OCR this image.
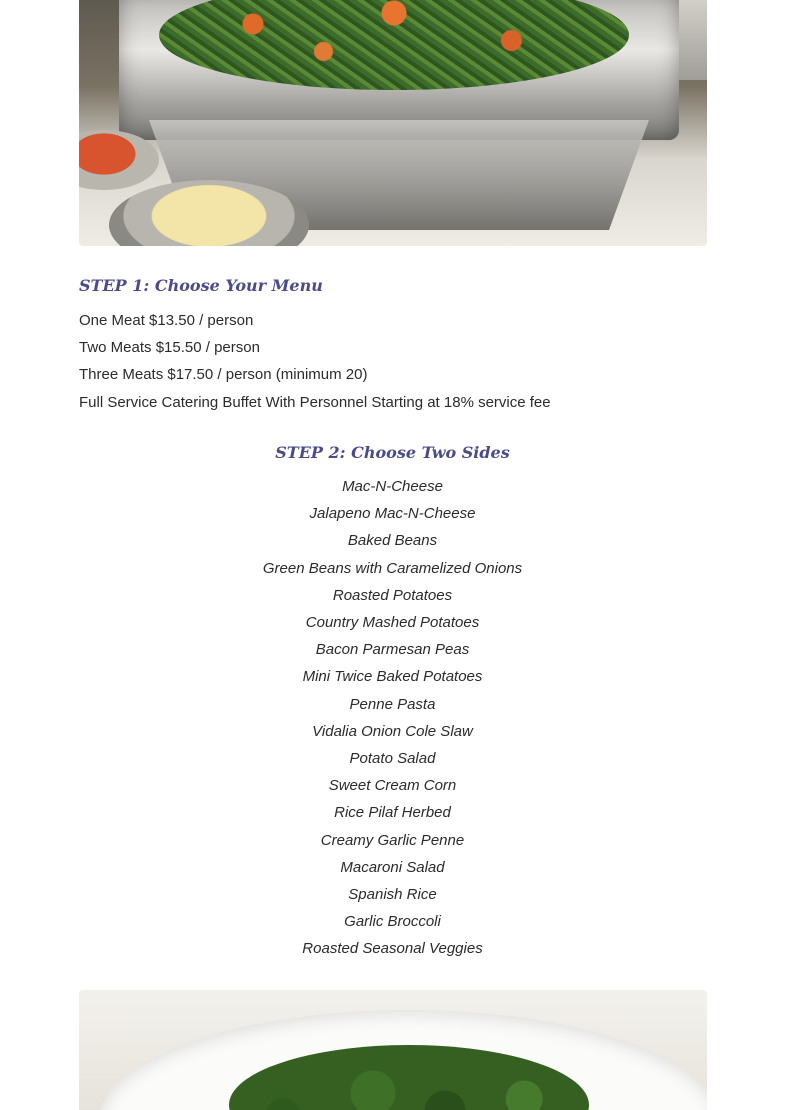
STEP 1: Choose Your Menu
One Meat $13.50 / person
Two Meats $15.50 / person
Three Meats $17.50 / person (minimum 20)
Full Service Catering Buffet With Personnel Starting at 18% service fee
STEP 2: Choose Two Sides
Mac-N-Cheese
Jalapeno Mac-N-Cheese
Baked Beans
Green Beans with Caramelized Onions
Roasted Potatoes
Country Mashed Potatoes
Bacon Parmesan Peas
Mini Twice Baked Potatoes
Penne Pasta
Vidalia Onion Cole Slaw
Potato Salad
Sweet Cream Corn
Rice Pilaf Herbed
Creamy Garlic Penne
Macaroni Salad
Spanish Rice
Garlic Broccoli
Roasted Seasonal Veggies
